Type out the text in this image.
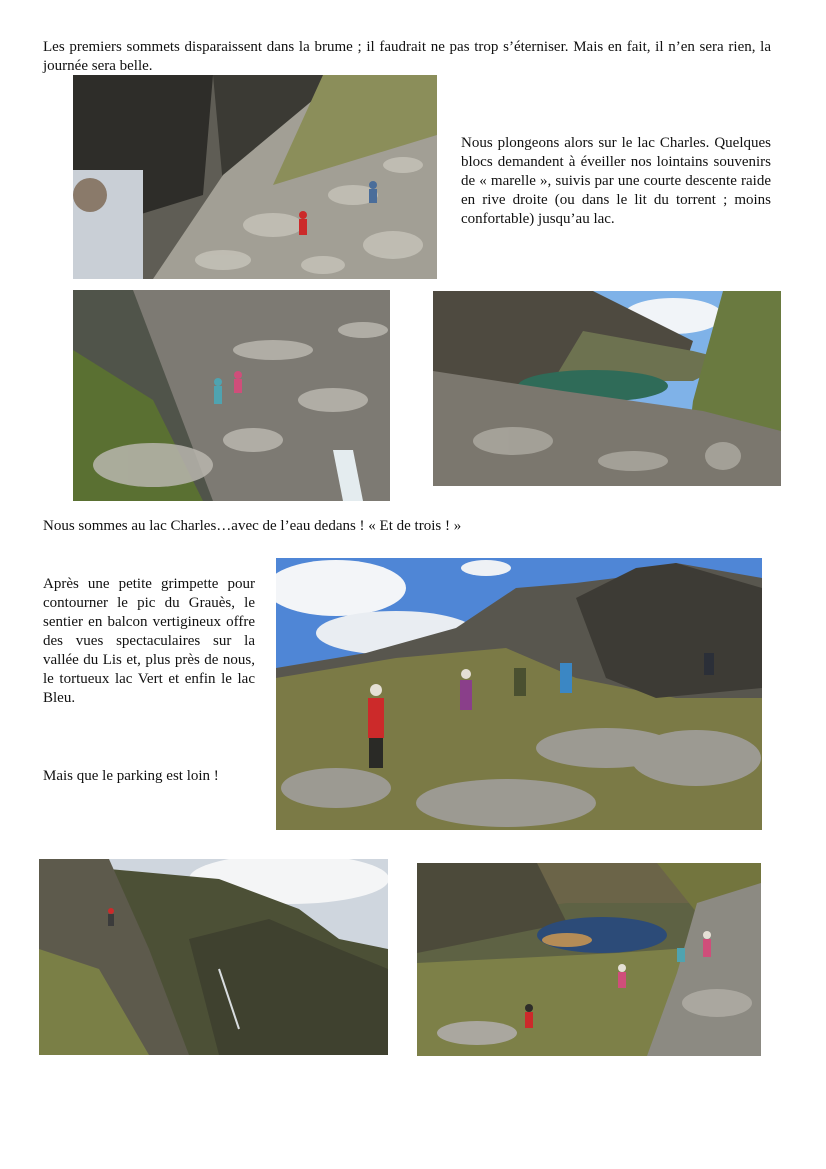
Les premiers sommets disparaissent dans la brume ; il faudrait ne pas trop s’éterniser. Mais en fait, il n’en sera rien, la journée sera belle.

Nous plongeons alors sur le lac Charles. Quelques blocs demandent à éveiller nos lointains souvenirs de « marelle », suivis par une courte descente raide en rive droite (ou dans le lit du torrent ; moins confortable) jusqu’au lac.

Nous sommes au lac Charles…avec de l’eau dedans ! « Et de trois ! »

Après une petite grimpette pour contourner le pic du Grauès, le sentier en balcon vertigineux offre des vues spectaculaires sur la vallée du Lis et, plus près de nous, le tortueux lac Vert et enfin le lac Bleu.

Mais que le parking est loin !
